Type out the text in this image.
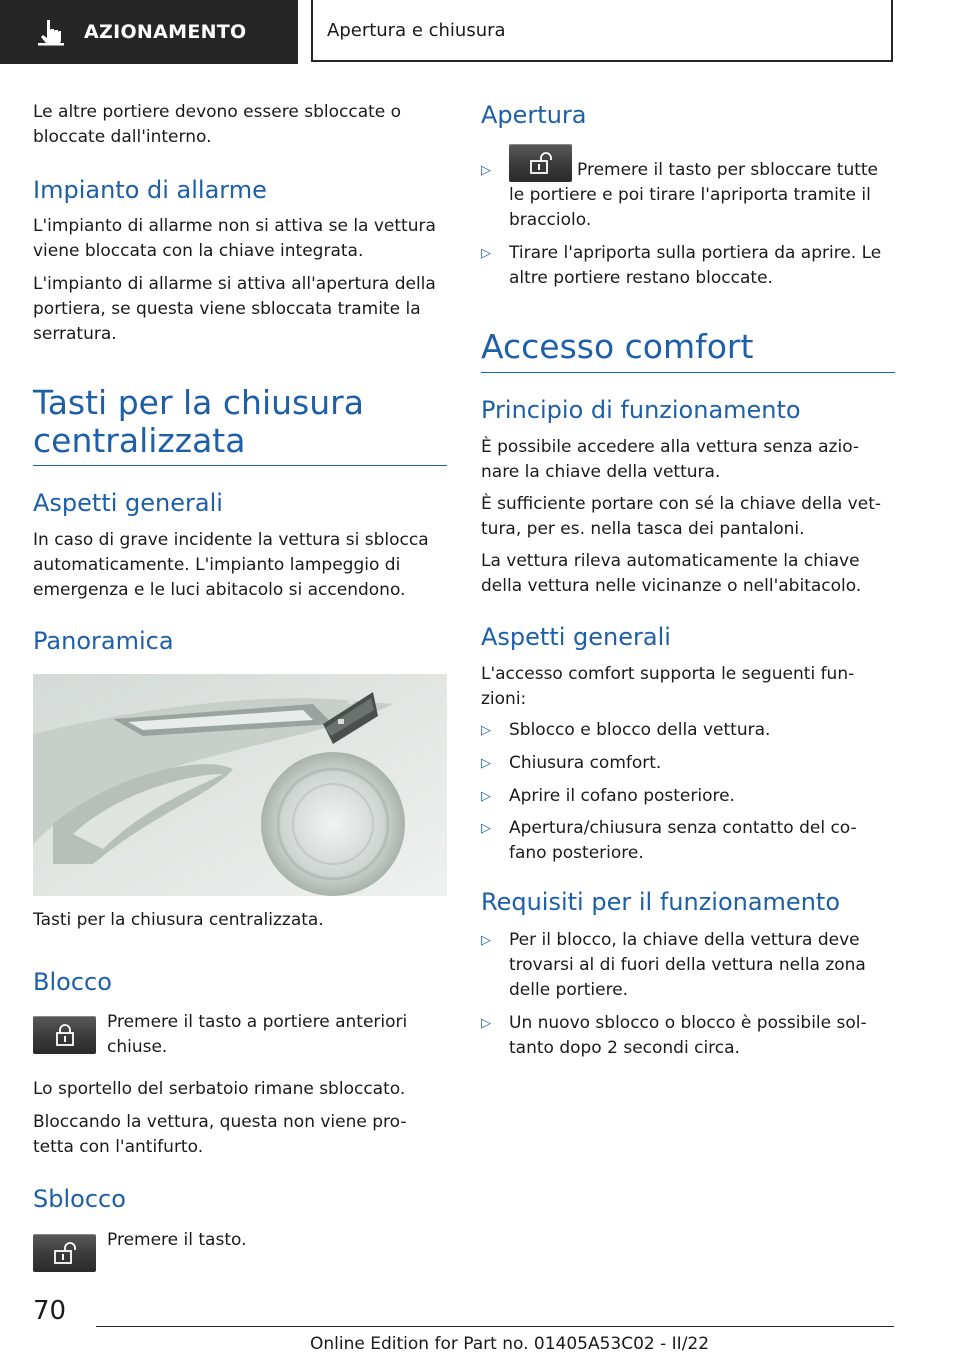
AZIONAMENTO	Apertura e chiusura
Le altre portiere devono essere sbloccate o
bloccate dall'interno.
Impianto di allarme
L'impianto di allarme non si attiva se la vettura
viene bloccata con la chiave integrata.
L'impianto di allarme si attiva all'apertura della
portiera, se questa viene sbloccata tramite la
serratura.
Tasti per la chiusura
centralizzata
Aspetti generali
In caso di grave incidente la vettura si sblocca
automaticamente. L'impianto lampeggio di
emergenza e le luci abitacolo si accendono.
Panoramica
Tasti per la chiusura centralizzata.
Blocco
Premere il tasto a portiere anteriori
chiuse.
Lo sportello del serbatoio rimane sbloccato.
Bloccando la vettura, questa non viene pro-
tetta con l'antifurto.
Sblocco
Premere il tasto.
Apertura
▷	Premere il tasto per sbloccare tutte
le portiere e poi tirare l'apriporta tramite il
bracciolo.
▷ Tirare l'apriporta sulla portiera da aprire. Le
altre portiere restano bloccate.
Accesso comfort
Principio di funzionamento
È possibile accedere alla vettura senza azio-
nare la chiave della vettura.
È sufficiente portare con sé la chiave della vet-
tura, per es. nella tasca dei pantaloni.
La vettura rileva automaticamente la chiave
della vettura nelle vicinanze o nell'abitacolo.
Aspetti generali
L'accesso comfort supporta le seguenti fun-
zioni:
▷ Sblocco e blocco della vettura.
▷ Chiusura comfort.
▷ Aprire il cofano posteriore.
▷ Apertura/chiusura senza contatto del co-
fano posteriore.
Requisiti per il funzionamento
▷ Per il blocco, la chiave della vettura deve
trovarsi al di fuori della vettura nella zona
delle portiere.
▷ Un nuovo sblocco o blocco è possibile sol-
tanto dopo 2 secondi circa.
70
Online Edition for Part no. 01405A53C02 - II/22
